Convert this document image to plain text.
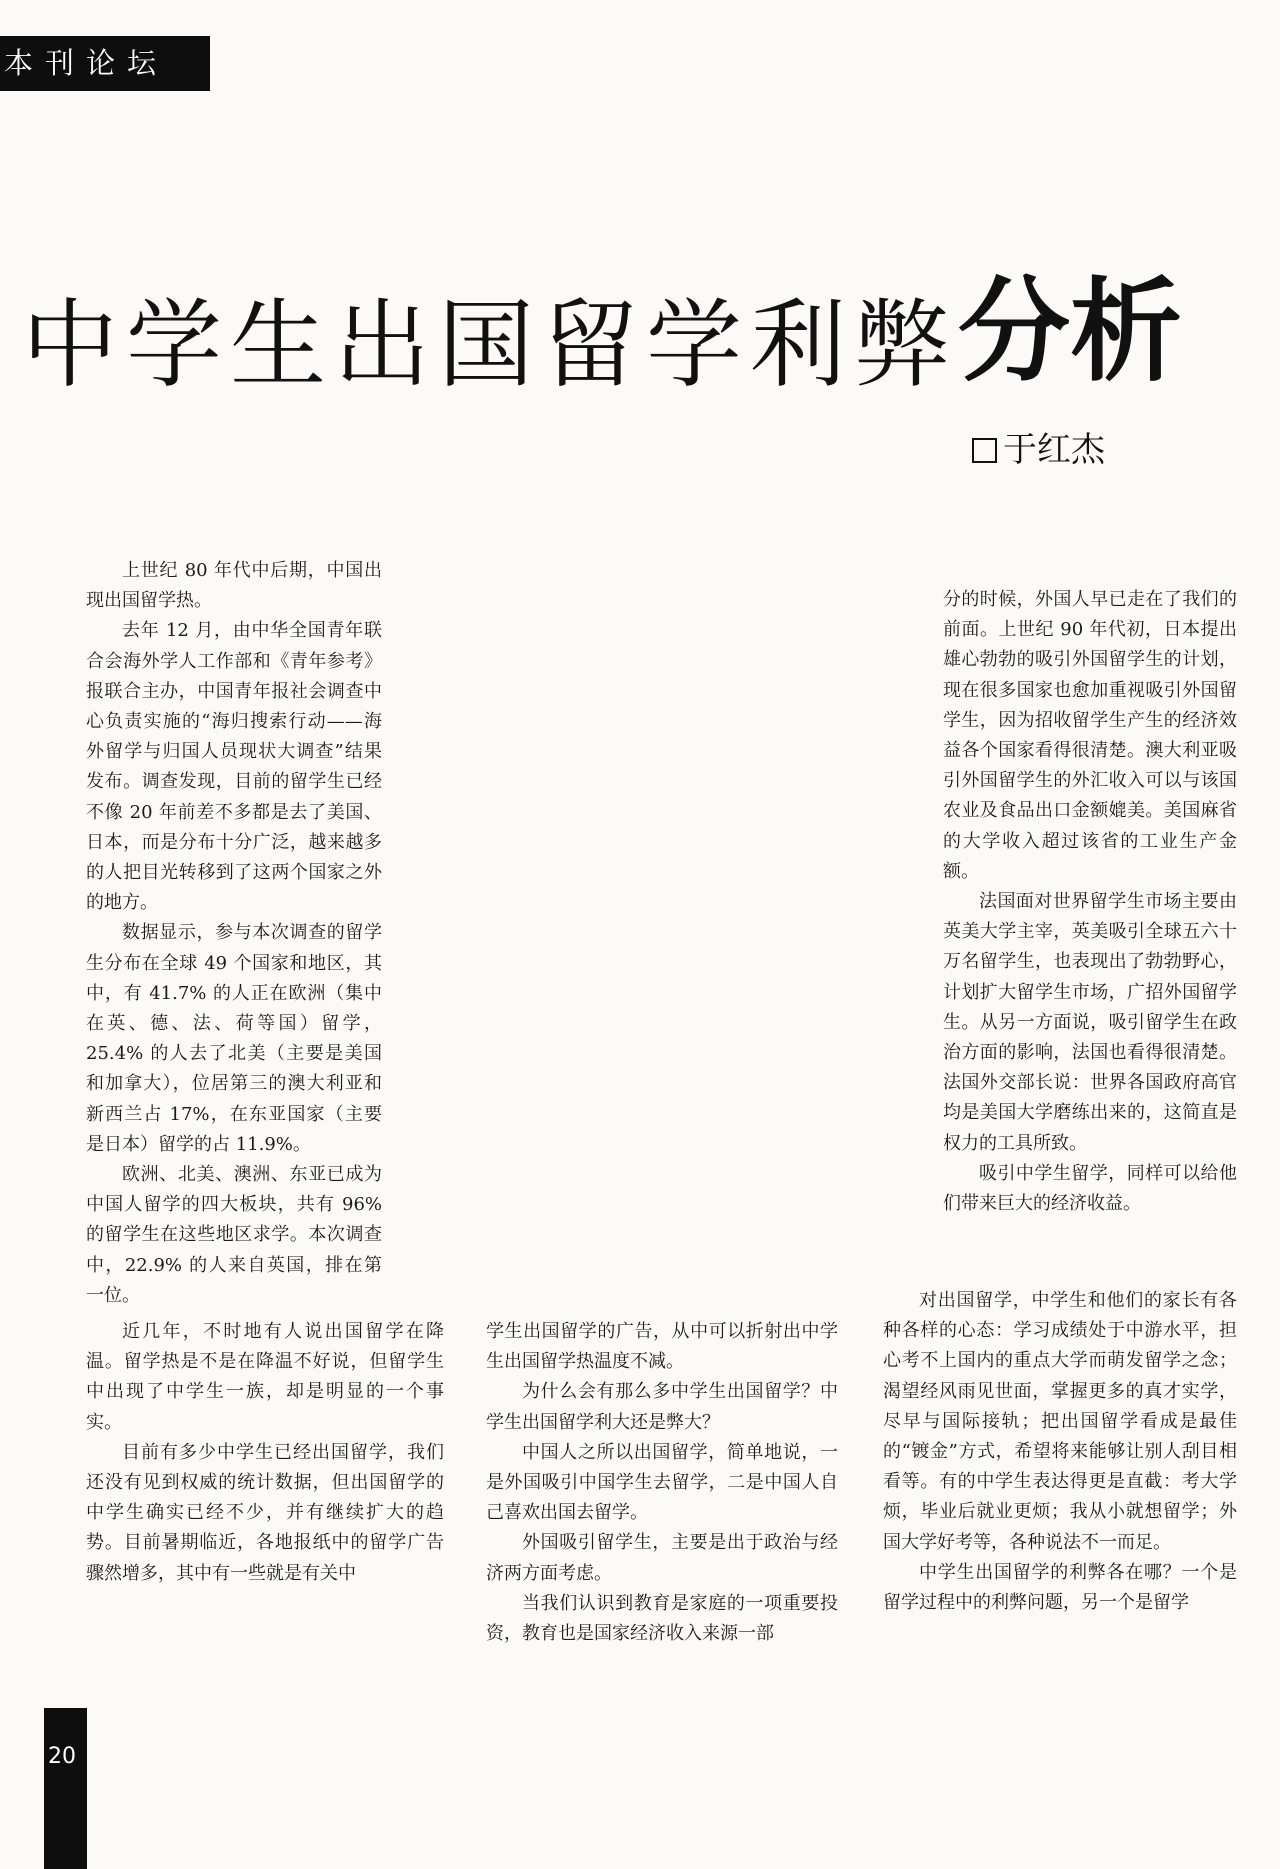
本刊论坛
中学生出国留学利弊分析
于红杰

上世纪 80 年代中后期，中国出现出国留学热。

去年 12 月，由中华全国青年联合会海外学人工作部和《青年参考》报联合主办，中国青年报社会调查中心负责实施的“海归搜索行动——海外留学与归国人员现状大调查”结果发布。调查发现，目前的留学生已经不像 20 年前差不多都是去了美国、日本，而是分布十分广泛，越来越多的人把目光转移到了这两个国家之外的地方。

数据显示，参与本次调查的留学生分布在全球 49 个国家和地区，其中，有 41.7% 的人正在欧洲（集中在英、德、法、荷等国）留学，25.4% 的人去了北美（主要是美国和加拿大），位居第三的澳大利亚和新西兰占 17%，在东亚国家（主要是日本）留学的占 11.9%。

欧洲、北美、澳洲、东亚已成为中国人留学的四大板块，共有 96% 的留学生在这些地区求学。本次调查中，22.9% 的人来自英国，排在第一位。

近几年，不时地有人说出国留学在降温。留学热是不是在降温不好说，但留学生中出现了中学生一族，却是明显的一个事实。

目前有多少中学生已经出国留学，我们还没有见到权威的统计数据，但出国留学的中学生确实已经不少，并有继续扩大的趋势。目前暑期临近，各地报纸中的留学广告骤然增多，其中有一些就是有关中

学生出国留学的广告，从中可以折射出中学生出国留学热温度不减。

为什么会有那么多中学生出国留学？中学生出国留学利大还是弊大？

中国人之所以出国留学，简单地说，一是外国吸引中国学生去留学，二是中国人自己喜欢出国去留学。

外国吸引留学生，主要是出于政治与经济两方面考虑。

当我们认识到教育是家庭的一项重要投资，教育也是国家经济收入来源一部

分的时候，外国人早已走在了我们的前面。上世纪 90 年代初，日本提出雄心勃勃的吸引外国留学生的计划，现在很多国家也愈加重视吸引外国留学生，因为招收留学生产生的经济效益各个国家看得很清楚。澳大利亚吸引外国留学生的外汇收入可以与该国农业及食品出口金额媲美。美国麻省的大学收入超过该省的工业生产金额。

法国面对世界留学生市场主要由英美大学主宰，英美吸引全球五六十万名留学生，也表现出了勃勃野心，计划扩大留学生市场，广招外国留学生。从另一方面说，吸引留学生在政治方面的影响，法国也看得很清楚。法国外交部长说：世界各国政府高官均是美国大学磨练出来的，这简直是权力的工具所致。

吸引中学生留学，同样可以给他们带来巨大的经济收益。

对出国留学，中学生和他们的家长有各种各样的心态：学习成绩处于中游水平，担心考不上国内的重点大学而萌发留学之念；渴望经风雨见世面，掌握更多的真才实学，尽早与国际接轨；把出国留学看成是最佳的“镀金”方式，希望将来能够让别人刮目相看等。有的中学生表达得更是直截：考大学烦，毕业后就业更烦；我从小就想留学；外国大学好考等，各种说法不一而足。

中学生出国留学的利弊各在哪？一个是留学过程中的利弊问题，另一个是留学

20
